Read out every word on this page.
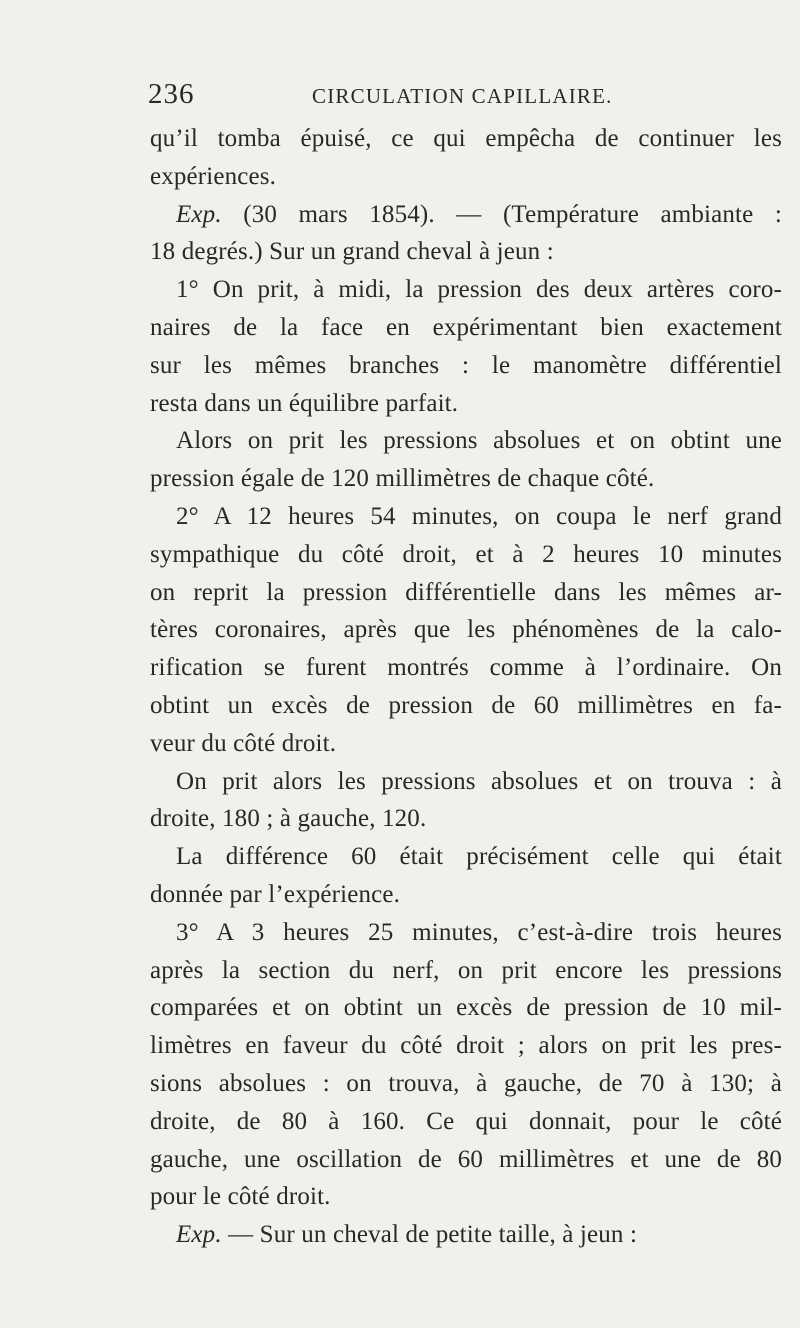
236	CIRCULATION CAPILLAIRE.
qu’il tomba épuisé, ce qui empêcha de continuer les
expériences.
Exp. (30 mars 1854). — (Température ambiante :
18 degrés.) Sur un grand cheval à jeun :
1° On prit, à midi, la pression des deux artères coro-
naires de la face en expérimentant bien exactement
sur les mêmes branches : le manomètre différentiel
resta dans un équilibre parfait.
Alors on prit les pressions absolues et on obtint une
pression égale de 120 millimètres de chaque côté.
2° A 12 heures 54 minutes, on coupa le nerf grand
sympathique du côté droit, et à 2 heures 10 minutes
on reprit la pression différentielle dans les mêmes ar-
tères coronaires, après que les phénomènes de la calo-
rification se furent montrés comme à l’ordinaire. On
obtint un excès de pression de 60 millimètres en fa-
veur du côté droit.
On prit alors les pressions absolues et on trouva : à
droite, 180 ; à gauche, 120.
La différence 60 était précisément celle qui était
donnée par l’expérience.
3° A 3 heures 25 minutes, c’est-à-dire trois heures
après la section du nerf, on prit encore les pressions
comparées et on obtint un excès de pression de 10 mil-
limètres en faveur du côté droit ; alors on prit les pres-
sions absolues : on trouva, à gauche, de 70 à 130; à
droite, de 80 à 160. Ce qui donnait, pour le côté
gauche, une oscillation de 60 millimètres et une de 80
pour le côté droit.
Exp. — Sur un cheval de petite taille, à jeun :
